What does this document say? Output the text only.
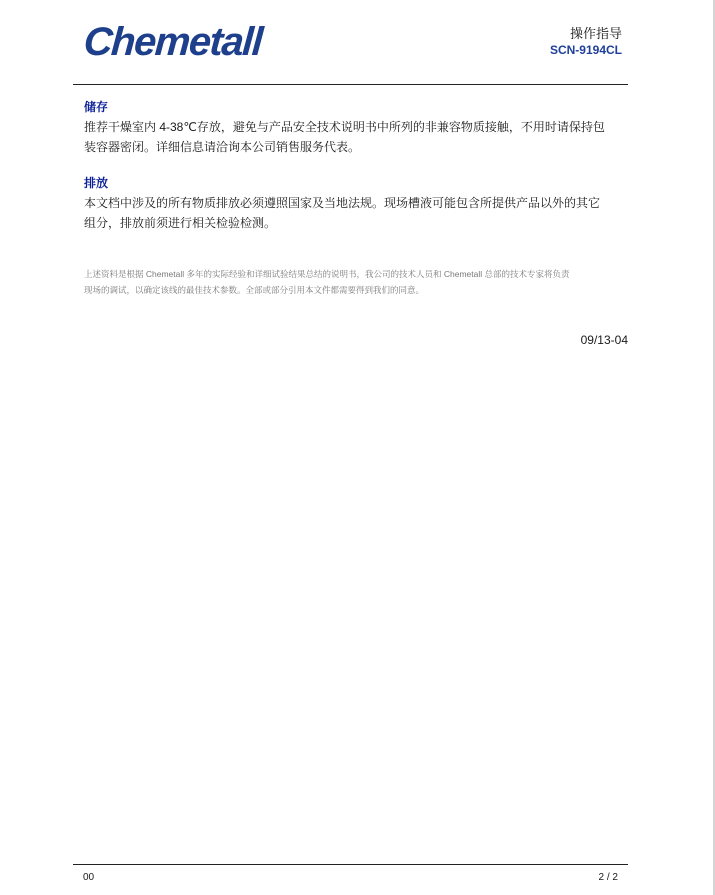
Chemetall	操作指导
SCN-9194CL
储存
推荐干燥室内 4-38℃存放，避免与产品安全技术说明书中所列的非兼容物质接触，不用时请保持包
装容器密闭。详细信息请洽询本公司销售服务代表。
排放
本文档中涉及的所有物质排放必须遵照国家及当地法规。现场槽液可能包含所提供产品以外的其它
组分，排放前须进行相关检验检测。
上述资料是根据 Chemetall 多年的实际经验和详细试验结果总结的说明书，我公司的技术人员和 Chemetall 总部的技术专家将负责
现场的调试，以确定该线的最佳技术参数。全部或部分引用本文件都需要得到我们的同意。
09/13-04
00	2 / 2
